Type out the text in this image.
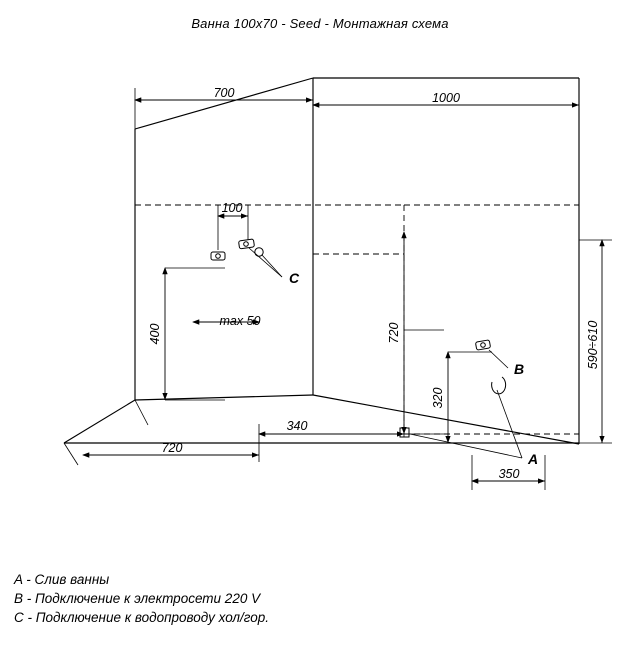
Ванна 100х70 - Seed - Монтажная схема
700	1000
590÷610
100
C
400
max 50
720
B
A
320
350
340
720
A - Слив ванны
B - Подключение к электросети 220 V
C - Подключение к водопроводу хол/гор.
